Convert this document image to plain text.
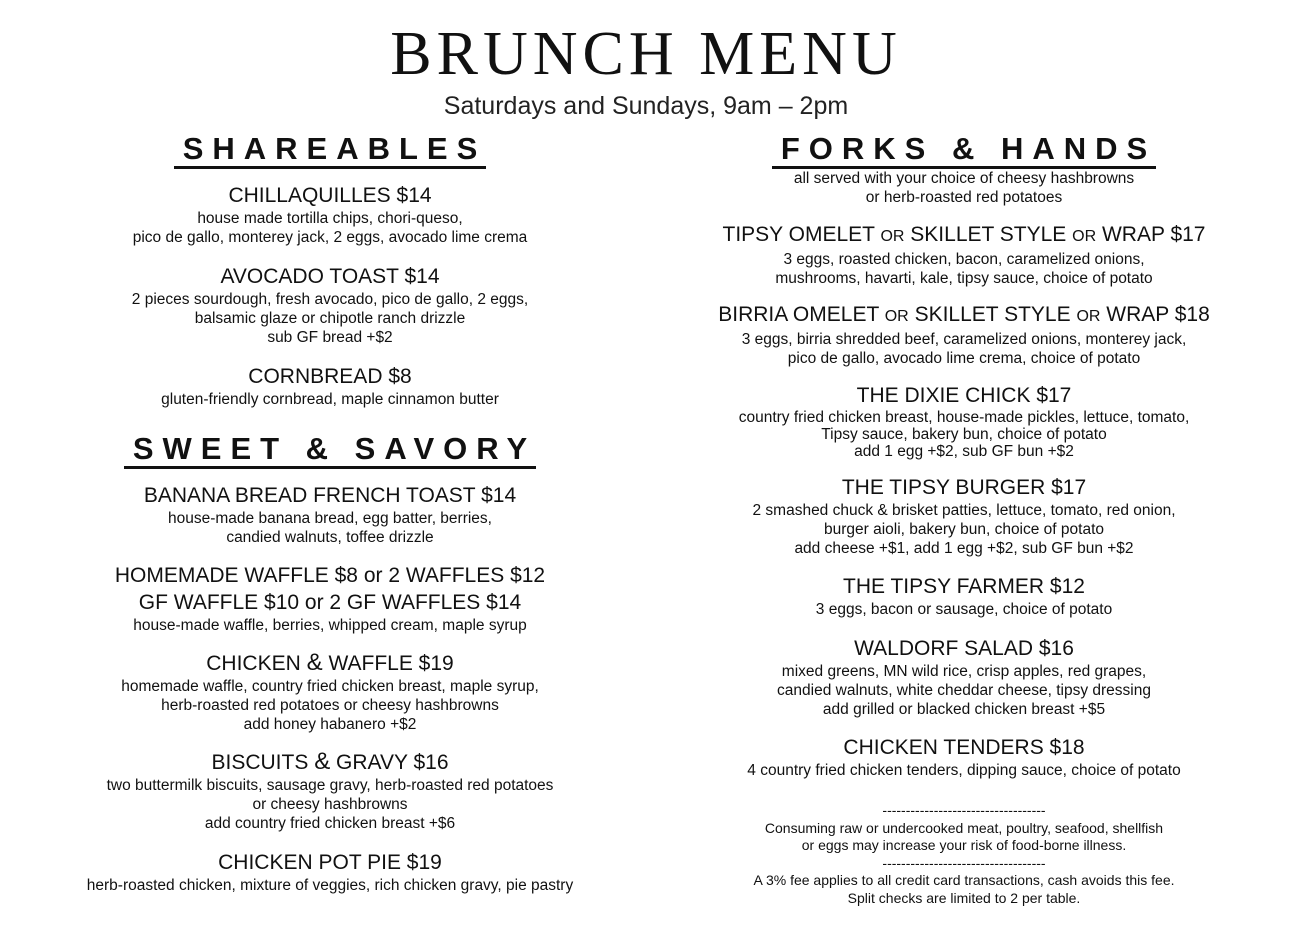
BRUNCH MENU
Saturdays and Sundays, 9am – 2pm
SHAREABLES
CHILLAQUILLES $14
house made tortilla chips, chori-queso,
pico de gallo, monterey jack, 2 eggs, avocado lime crema
AVOCADO TOAST $14
2 pieces sourdough, fresh avocado, pico de gallo, 2 eggs,
balsamic glaze or chipotle ranch drizzle
sub GF bread +$2
CORNBREAD $8
gluten-friendly cornbread, maple cinnamon butter
SWEET & SAVORY
BANANA BREAD FRENCH TOAST $14
house-made banana bread, egg batter, berries,
candied walnuts, toffee drizzle
HOMEMADE WAFFLE $8 or 2 WAFFLES $12
GF WAFFLE $10 or 2 GF WAFFLES $14
house-made waffle, berries, whipped cream, maple syrup
CHICKEN & WAFFLE $19
homemade waffle, country fried chicken breast, maple syrup,
herb-roasted red potatoes or cheesy hashbrowns
add honey habanero +$2
BISCUITS & GRAVY $16
two buttermilk biscuits, sausage gravy, herb-roasted red potatoes
or cheesy hashbrowns
add country fried chicken breast +$6
CHICKEN POT PIE $19
herb-roasted chicken, mixture of veggies, rich chicken gravy, pie pastry
FORKS & HANDS
all served with your choice of cheesy hashbrowns
or herb-roasted red potatoes
TIPSY OMELET OR SKILLET STYLE OR WRAP $17
3 eggs, roasted chicken, bacon, caramelized onions,
mushrooms, havarti, kale, tipsy sauce, choice of potato
BIRRIA OMELET OR SKILLET STYLE OR WRAP $18
3 eggs, birria shredded beef, caramelized onions, monterey jack,
pico de gallo, avocado lime crema, choice of potato
THE DIXIE CHICK $17
country fried chicken breast, house-made pickles, lettuce, tomato,
Tipsy sauce, bakery bun, choice of potato
add 1 egg +$2, sub GF bun +$2
THE TIPSY BURGER $17
2 smashed chuck & brisket patties, lettuce, tomato, red onion,
burger aioli, bakery bun, choice of potato
add cheese +$1, add 1 egg +$2, sub GF bun +$2
THE TIPSY FARMER $12
3 eggs, bacon or sausage, choice of potato
WALDORF SALAD $16
mixed greens, MN wild rice, crisp apples, red grapes,
candied walnuts, white cheddar cheese, tipsy dressing
add grilled or blacked chicken breast +$5
CHICKEN TENDERS $18
4 country fried chicken tenders, dipping sauce, choice of potato
-----------------------------------
Consuming raw or undercooked meat, poultry, seafood, shellfish
or eggs may increase your risk of food-borne illness.
-----------------------------------
A 3% fee applies to all credit card transactions, cash avoids this fee.
Split checks are limited to 2 per table.
